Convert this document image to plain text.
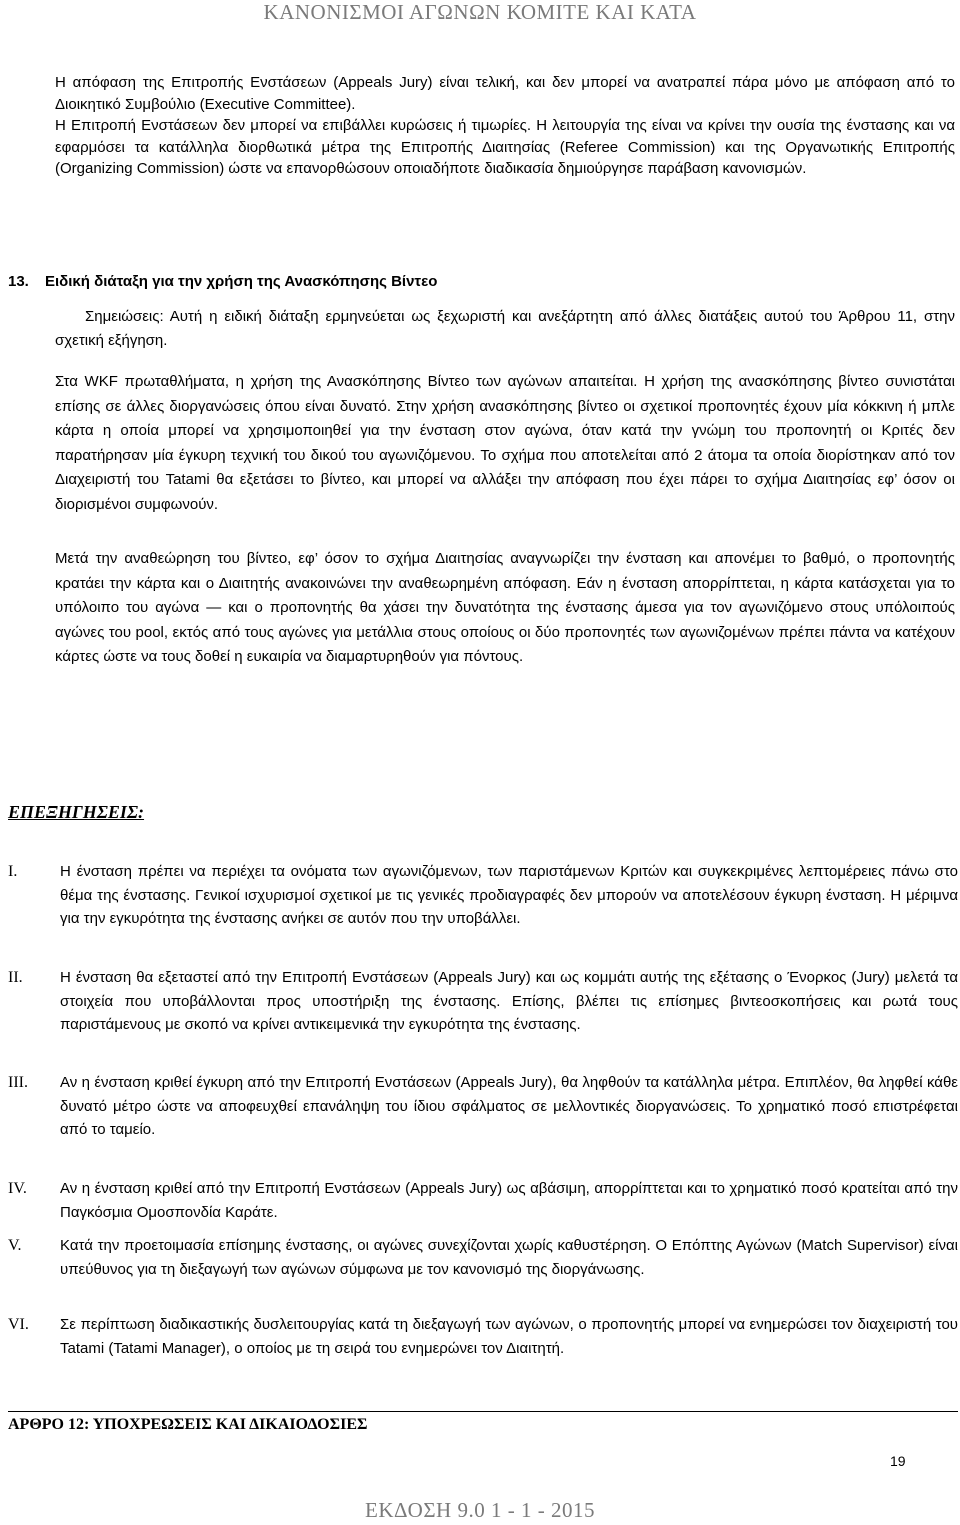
ΚΑΝΟΝΙΣΜΟΙ ΑΓΩΝΩΝ ΚΟΜΙΤΕ ΚΑΙ ΚΑΤΑ

Η απόφαση της Επιτροπής Ενστάσεων (Appeals Jury) είναι τελική, και δεν μπορεί να ανατραπεί πάρα μόνο με απόφαση από το Διοικητικό Συμβούλιο (Executive Committee).

Η Επιτροπή Ενστάσεων δεν μπορεί να επιβάλλει κυρώσεις ή τιμωρίες. Η λειτουργία της είναι να κρίνει την ουσία της ένστασης και να εφαρμόσει τα κατάλληλα διορθωτικά μέτρα της Επιτροπής Διαιτησίας (Referee Commission) και της Οργανωτικής Επιτροπής (Organizing Commission) ώστε να επανορθώσουν οποιαδήποτε διαδικασία δημιούργησε παράβαση κανονισμών.

13. Ειδική διάταξη για την χρήση της Ανασκόπησης Βίντεο

Σημειώσεις: Αυτή η ειδική διάταξη ερμηνεύεται ως ξεχωριστή και ανεξάρτητη από άλλες διατάξεις αυτού του Άρθρου 11, στην σχετική εξήγηση.

Στα WKF πρωταθλήματα, η χρήση της Ανασκόπησης Βίντεο των αγώνων απαιτείται. Η χρήση της ανασκόπησης βίντεο συνιστάται επίσης σε άλλες διοργανώσεις όπου είναι δυνατό. Στην χρήση ανασκόπησης βίντεο οι σχετικοί προπονητές έχουν μία κόκκινη ή μπλε κάρτα η οποία μπορεί να χρησιμοποιηθεί για την ένσταση στον αγώνα, όταν κατά την γνώμη του προπονητή οι Κριτές δεν παρατήρησαν μία έγκυρη τεχνική του δικού του αγωνιζόμενου. Το σχήμα που αποτελείται από 2 άτομα τα οποία διορίστηκαν από τον Διαχειριστή του Tatami θα εξετάσει το βίντεο, και μπορεί να αλλάξει την απόφαση που έχει πάρει το σχήμα Διαιτησίας εφ’ όσον οι διορισμένοι συμφωνούν.

Μετά την αναθεώρηση του βίντεο, εφ’ όσον το σχήμα Διαιτησίας αναγνωρίζει την ένσταση και απονέμει το βαθμό, ο προπονητής κρατάει την κάρτα και ο Διαιτητής ανακοινώνει την αναθεωρημένη απόφαση. Εάν η ένσταση απορρίπτεται, η κάρτα κατάσχεται για το υπόλοιπο του αγώνα — και ο προπονητής θα χάσει την δυνατότητα της ένστασης άμεσα για τον αγωνιζόμενο στους υπόλοιπούς αγώνες του pool, εκτός από τους αγώνες για μετάλλια στους οποίους οι δύο προπονητές των αγωνιζομένων πρέπει πάντα να κατέχουν κάρτες ώστε να τους δοθεί η ευκαιρία να διαμαρτυρηθούν για πόντους.

ΕΠΕΞΗΓΗΣΕΙΣ:
I.	Η ένσταση πρέπει να περιέχει τα ονόματα των αγωνιζόμενων, των παριστάμενων Κριτών και συγκεκριμένες λεπτομέρειες πάνω στο θέμα της ένστασης. Γενικοί ισχυρισμοί σχετικοί με τις γενικές προδιαγραφές δεν μπορούν να αποτελέσουν έγκυρη ένσταση. Η μέριμνα για την εγκυρότητα της ένστασης ανήκει σε αυτόν που την υποβάλλει.

II.	Η ένσταση θα εξεταστεί από την Επιτροπή Ενστάσεων (Appeals Jury) και ως κομμάτι αυτής της εξέτασης ο Ένορκος (Jury) μελετά τα στοιχεία που υποβάλλονται προς υποστήριξη της ένστασης. Επίσης, βλέπει τις επίσημες βιντεοσκοπήσεις και ρωτά τους παριστάμενους με σκοπό να κρίνει αντικειμενικά την εγκυρότητα της ένστασης.

III.	Αν η ένσταση κριθεί έγκυρη από την Επιτροπή Ενστάσεων (Appeals Jury), θα ληφθούν τα κατάλληλα μέτρα. Επιπλέον, θα ληφθεί κάθε δυνατό μέτρο ώστε να αποφευχθεί επανάληψη του ίδιου σφάλματος σε μελλοντικές διοργανώσεις. Το χρηματικό ποσό επιστρέφεται από το ταμείο.

IV.	Αν η ένσταση κριθεί από την Επιτροπή Ενστάσεων (Appeals Jury) ως αβάσιμη, απορρίπτεται και το χρηματικό ποσό κρατείται από την Παγκόσμια Ομοσπονδία Καράτε.

V.	Κατά την προετοιμασία επίσημης ένστασης, οι αγώνες συνεχίζονται χωρίς καθυστέρηση. Ο Επόπτης Αγώνων (Match Supervisor) είναι υπεύθυνος για τη διεξαγωγή των αγώνων σύμφωνα με τον κανονισμό της διοργάνωσης.

VI.	Σε περίπτωση διαδικαστικής δυσλειτουργίας κατά τη διεξαγωγή των αγώνων, ο προπονητής μπορεί να ενημερώσει τον διαχειριστή του Tatami (Tatami Manager), ο οποίος με τη σειρά του ενημερώνει τον Διαιτητή.

ΑΡΘΡΟ 12: ΥΠΟΧΡΕΩΣΕΙΣ ΚΑΙ ΔΙΚΑΙΟΔΟΣΙΕΣ
19
ΕΚΔΟΣΗ 9.0 1 - 1 - 2015
